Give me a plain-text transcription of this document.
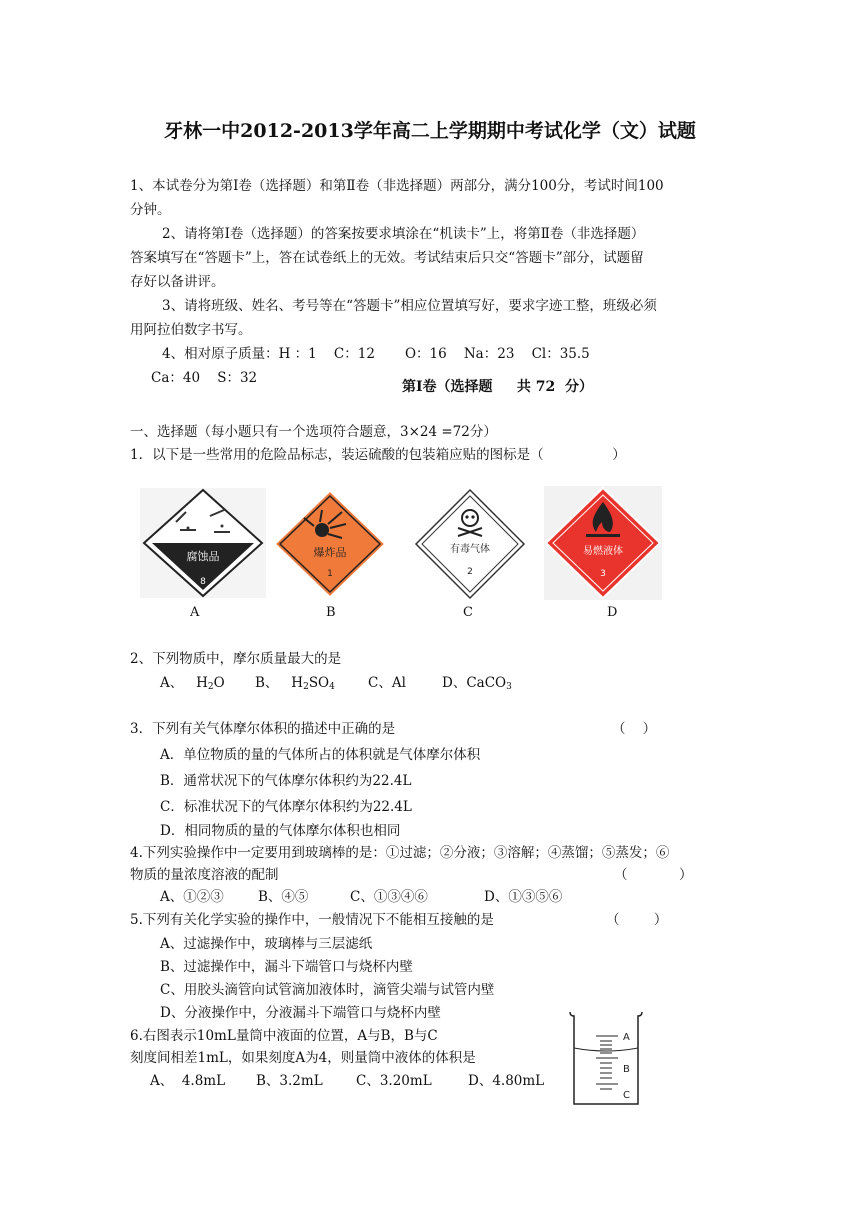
牙林一中2012-2013学年高二上学期期中考试化学（文）试题
1、本试卷分为第Ⅰ卷（选择题）和第Ⅱ卷（非选择题）两部分，满分100分，考试时间100
分钟。
2、请将第Ⅰ卷（选择题）的答案按要求填涂在“机读卡”上，将第Ⅱ卷（非选择题）
答案填写在“答题卡”上，答在试卷纸上的无效。考试结束后只交“答题卡”部分，试题留
存好以备讲评。
3、请将班级、姓名、考号等在“答题卡”相应位置填写好，要求字迹工整，班级必须
用阿拉伯数字书写。
4、相对原子质量：H ：1    C：12       O：16    Na：23    Cl：35.5
Ca：40    S：32
第Ⅰ卷（选择题     共 72  分）
一、选择题（每小题只有一个选项符合题意，3×24 =72分）
1．以下是一些常用的危险品标志，装运硫酸的包装箱应贴的图标是（                ）
腐蚀品
8
爆炸品
1
有毒气体
2
易燃液体
3
A	B	C	D
2、下列物质中，摩尔质量最大的是
A、   $H_2O$ B、   $H_2SO_4$ C、Al	D、CaCO$_3$
3．下列有关气体摩尔体积的描述中正确的是	（    ）
A．单位物质的量的气体所占的体积就是气体摩尔体积
B．通常状况下的气体摩尔体积约为22.4L
C．标准状况下的气体摩尔体积约为22.4L
D．相同物质的量的气体摩尔体积也相同
4.下列实验操作中一定要用到玻璃棒的是：①过滤；②分液；③溶解；④蒸馏；⑤蒸发；⑥
物质的量浓度溶液的配制	（            ）
A、①②③	B、④⑤	C、①③④⑥	D、①③⑤⑥
5.下列有关化学实验的操作中，一般情况下不能相互接触的是	（        ）
A、过滤操作中，玻璃棒与三层滤纸
B、过滤操作中，漏斗下端管口与烧杯内壁
C、用胶头滴管向试管滴加液体时，滴管尖端与试管内壁
D、分液操作中，分液漏斗下端管口与烧杯内壁
6.右图表示10mL量筒中液面的位置，A与B，B与C
刻度间相差1mL，如果刻度A为4，则量筒中液体的体积是
A、  4.8mL B、3.2mL C、3.20mL	D、4.80mL
A
B
C
